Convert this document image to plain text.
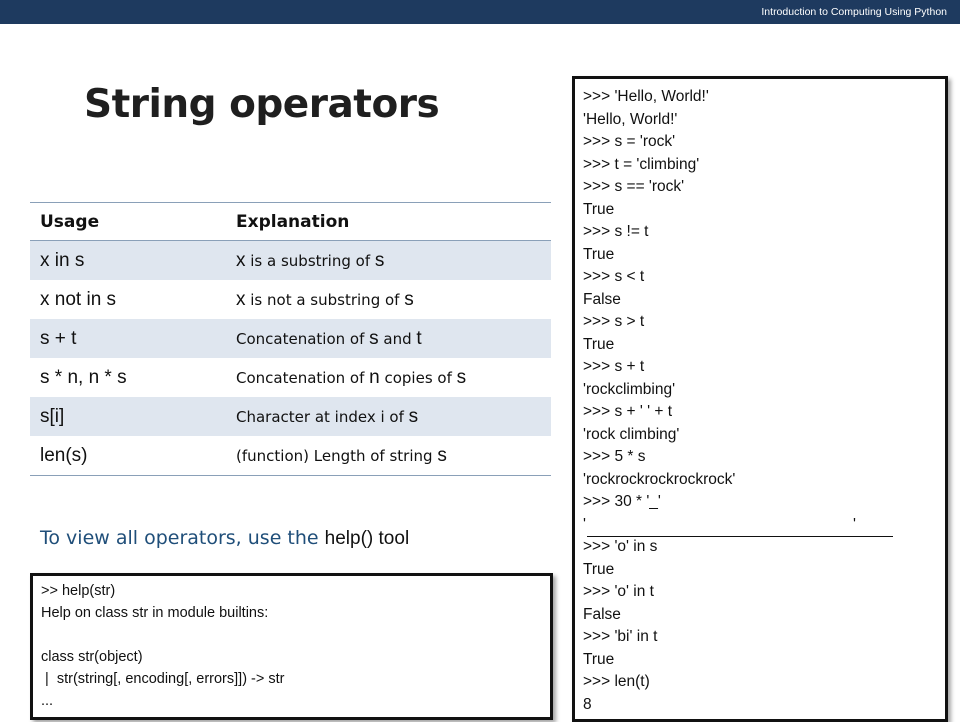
Introduction to Computing Using Python
String operators
Usage	Explanation
x in s	x is a substring of s
x not in s	x is not a substring of s
s + t	Concatenation of s and t
s * n, n * s	Concatenation of n copies of s
s[i]	Character at index i of s
len(s)	(function) Length of string s
To view all operators, use the help() tool
>> help(str)
Help on class str in module builtins:
class str(object)
|  str(string[, encoding[, errors]]) -> str
...
>>> 'Hello, World!'
'Hello, World!'
>>> s = 'rock'
>>> t = 'climbing'
>>> s == 'rock'
True
>>> s != t
True
>>> s < t
False
>>> s > t
True
>>> s + t
'rockclimbing'
>>> s + ' ' + t
'rock climbing'
>>> 5 * s
'rockrockrockrockrock'
>>> 30 * '_'
'                                                              '
>>> 'o' in s
True
>>> 'o' in t
False
>>> 'bi' in t
True
>>> len(t)
8
